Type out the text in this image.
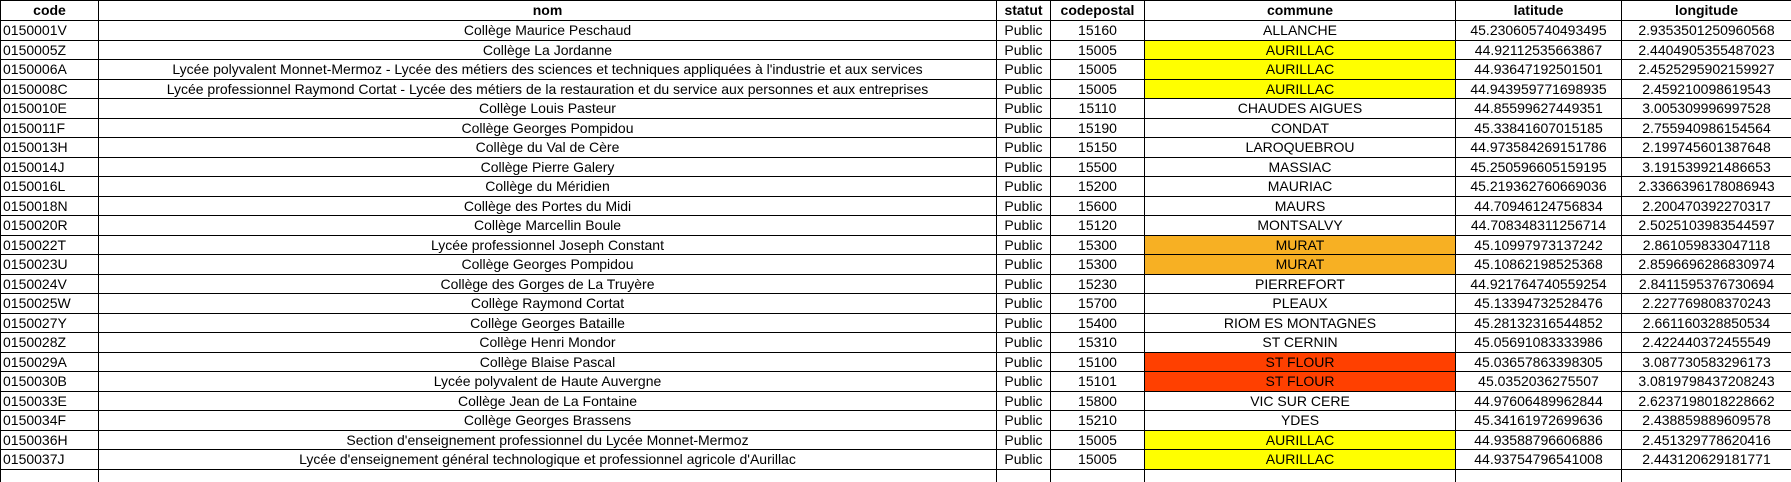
code	nom	statut	codepostal	commune	latitude	longitude
0150001V	Collège Maurice Peschaud	Public	15160	ALLANCHE	45.230605740493495	2.9353501250960568
0150005Z	Collège La Jordanne	Public	15005	AURILLAC	44.92112535663867	2.4404905355487023
0150006A	Lycée polyvalent Monnet-Mermoz - Lycée des métiers des sciences et techniques appliquées à l'industrie et aux services	Public	15005	AURILLAC	44.93647192501501	2.4525295902159927
0150008C	Lycée professionnel Raymond Cortat - Lycée des métiers de la restauration et du service aux personnes et aux entreprises	Public	15005	AURILLAC	44.943959771698935	2.459210098619543
0150010E	Collège Louis Pasteur	Public	15110	CHAUDES AIGUES	44.85599627449351	3.005309996997528
0150011F	Collège Georges Pompidou	Public	15190	CONDAT	45.33841607015185	2.755940986154564
0150013H	Collège du Val de Cère	Public	15150	LAROQUEBROU	44.973584269151786	2.199745601387648
0150014J	Collège Pierre Galery	Public	15500	MASSIAC	45.250596605159195	3.191539921486653
0150016L	Collège du Méridien	Public	15200	MAURIAC	45.219362760669036	2.3366396178086943
0150018N	Collège des Portes du Midi	Public	15600	MAURS	44.70946124756834	2.200470392270317
0150020R	Collège Marcellin Boule	Public	15120	MONTSALVY	44.708348311256714	2.5025103983544597
0150022T	Lycée professionnel Joseph Constant	Public	15300	MURAT	45.10997973137242	2.861059833047118
0150023U	Collège Georges Pompidou	Public	15300	MURAT	45.10862198525368	2.8596696286830974
0150024V	Collège des Gorges de La Truyère	Public	15230	PIERREFORT	44.921764740559254	2.8411595376730694
0150025W	Collège Raymond Cortat	Public	15700	PLEAUX	45.13394732528476	2.227769808370243
0150027Y	Collège Georges Bataille	Public	15400	RIOM ES MONTAGNES	45.28132316544852	2.661160328850534
0150028Z	Collège Henri Mondor	Public	15310	ST CERNIN	45.05691083333986	2.422440372455549
0150029A	Collège Blaise Pascal	Public	15100	ST FLOUR	45.03657863398305	3.087730583296173
0150030B	Lycée polyvalent de Haute Auvergne	Public	15101	ST FLOUR	45.0352036275507	3.0819798437208243
0150033E	Collège Jean de La Fontaine	Public	15800	VIC SUR CERE	44.97606489962844	2.6237198018228662
0150034F	Collège Georges Brassens	Public	15210	YDES	45.34161972699636	2.438859889609578
0150036H	Section d'enseignement professionnel du Lycée Monnet-Mermoz	Public	15005	AURILLAC	44.93588796606886	2.451329778620416
0150037J	Lycée d'enseignement général technologique et professionnel agricole d'Aurillac	Public	15005	AURILLAC	44.93754796541008	2.443120629181771
